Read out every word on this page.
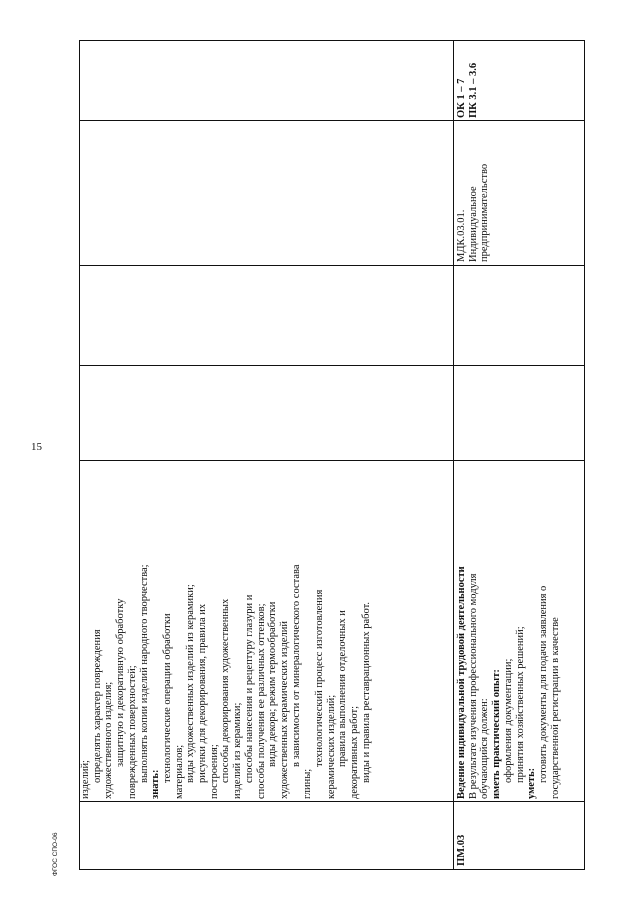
15
изделий; определять характер повреждения художественного изделия; защитную и декоративную обработку поврежденных поверхностей; выполнять копии изделий народного творчества;
знать:
технологические операции обработки материалов; виды художественных изделий из керамики; рисунки для декорирования, правила их построения; способы декорирования художественных изделий из керамики; способы нанесения и рецептуру глазури и способы получения ее различных оттенков; виды декора; режим термообработки художественных керамических изделий в зависимости от минералогического состава
глины;
технологический процесс изготовления керамических изделий; правила выполнения отделочных и декоративных работ; виды и правила реставрационных работ.
ПМ.03
Ведение индивидуальной трудовой деятельности В результате изучения профессионального модуля обучающийся должен: иметь практический опыт: оформления документации; принятия хозяйственных решений;
уметь:
готовить документы для подачи заявления о государственной регистрации в качестве
МДК.03.01. Индивидуальное предпринимательство
ОК 1 – 7 ПК 3.1 – 3.6
ФГОС СПО-06
